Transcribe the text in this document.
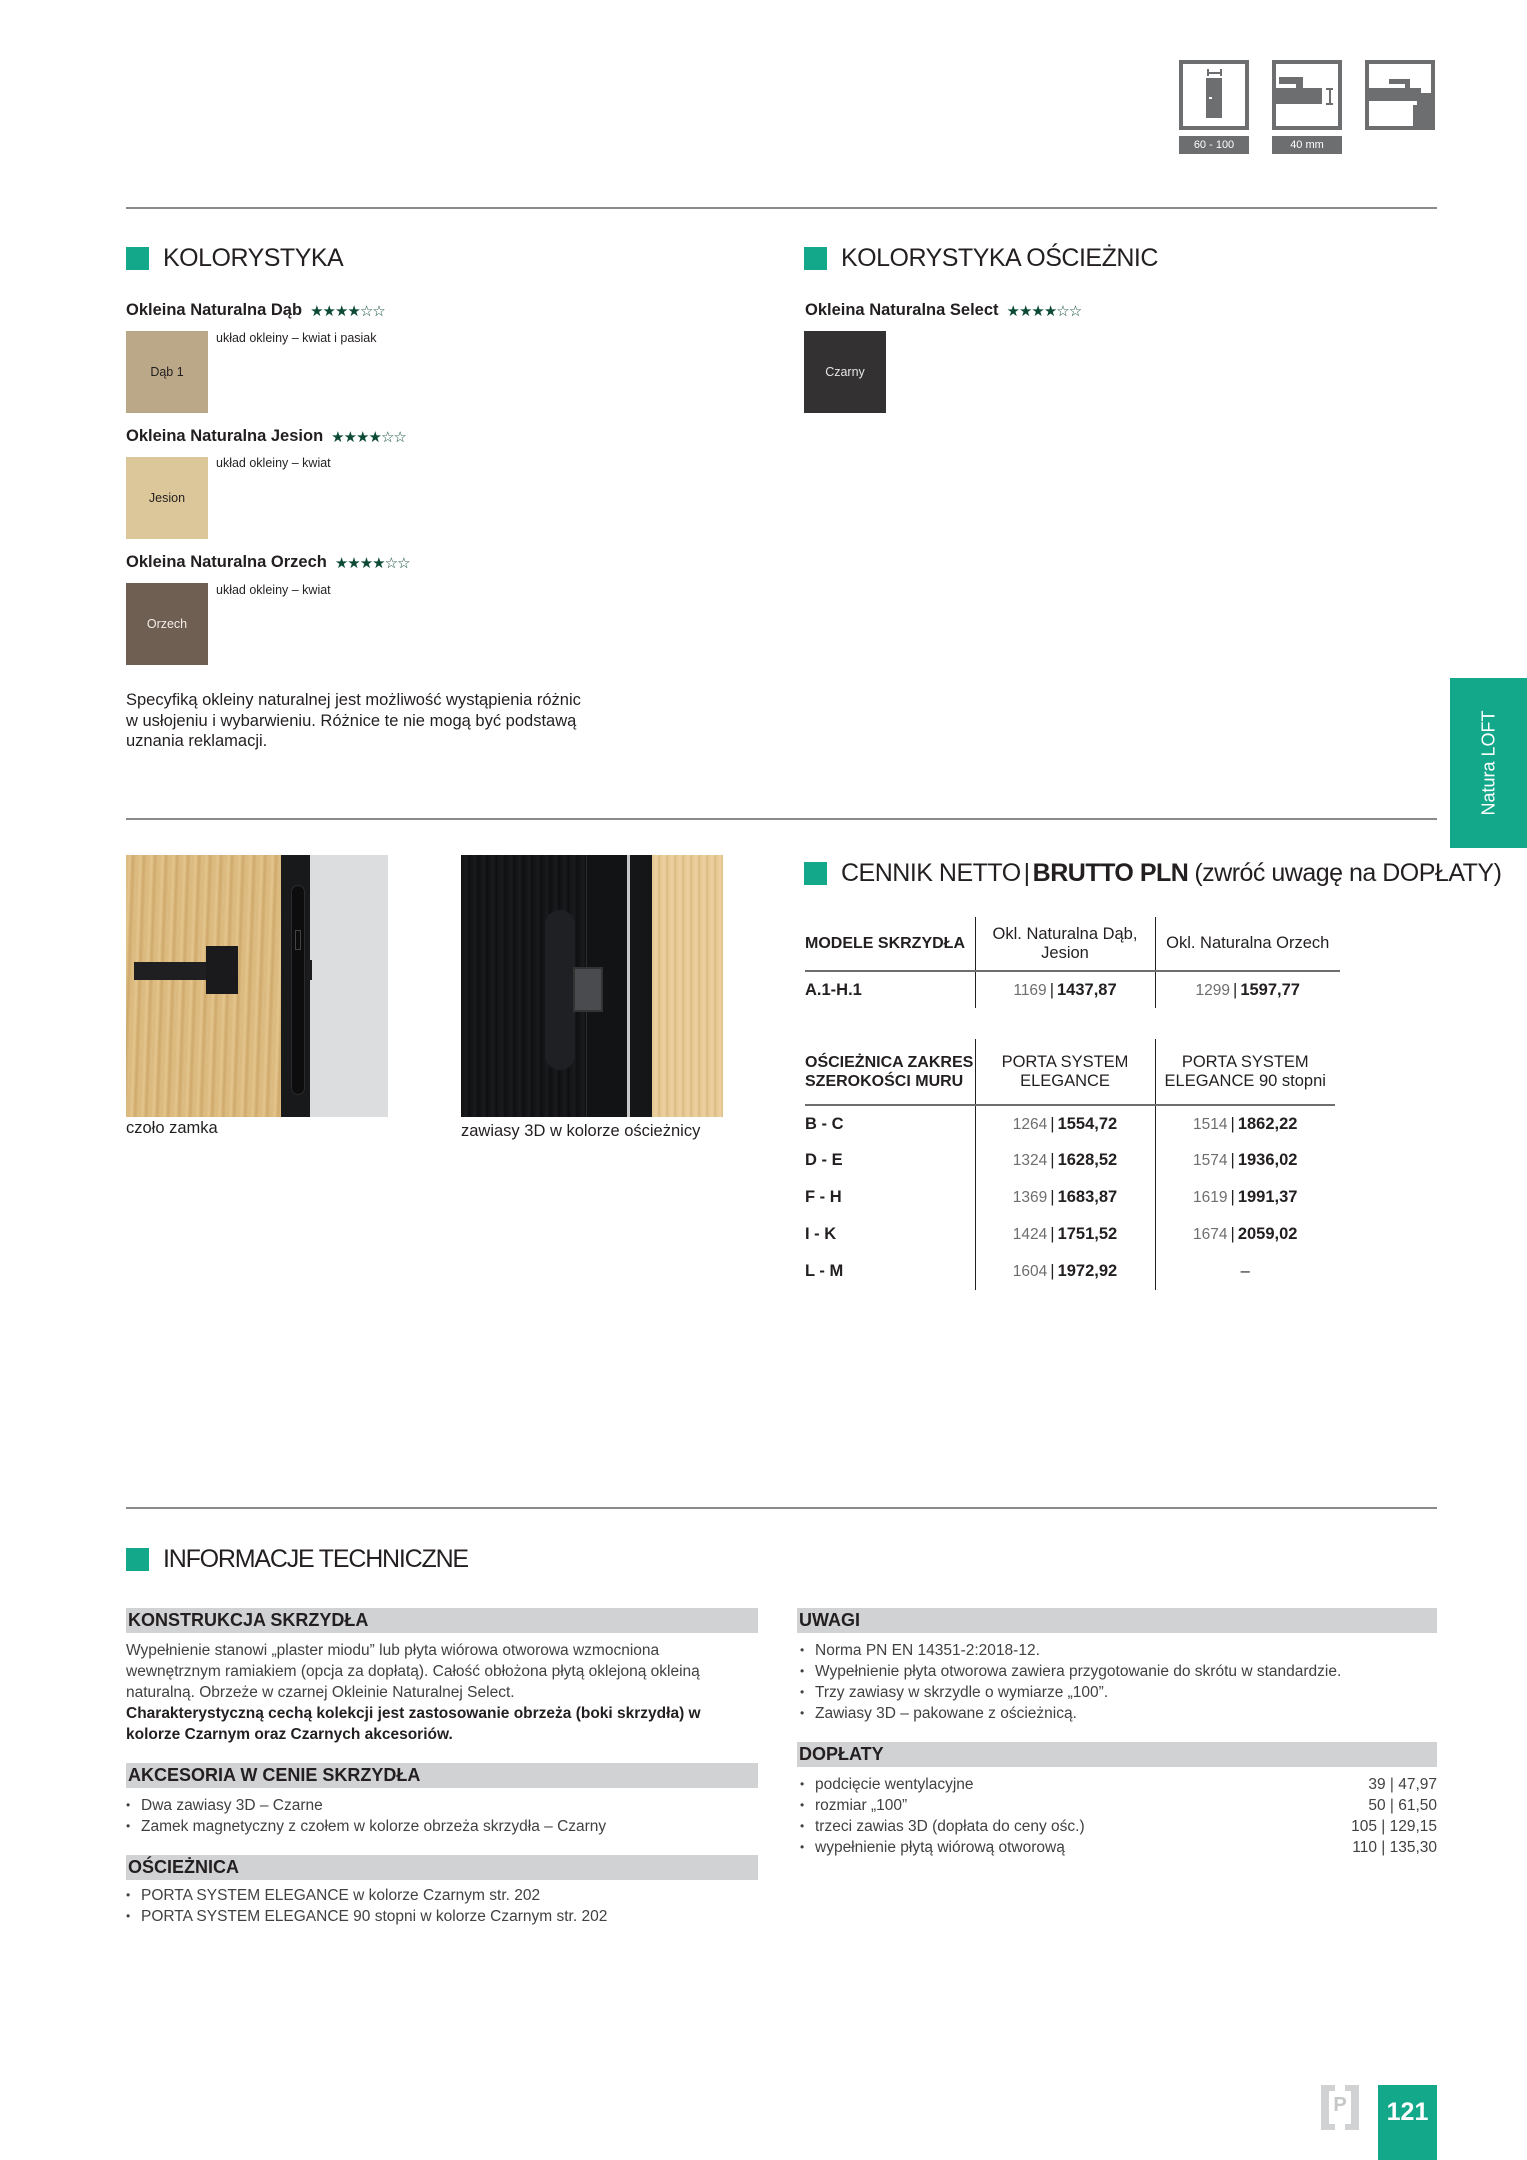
60 - 100	40 mm
KOLORYSTYKA
Okleina Naturalna Dąb ★★★★☆☆
Dąb 1
układ okleiny – kwiat i pasiak
Okleina Naturalna Jesion ★★★★☆☆
Jesion
układ okleiny – kwiat
Okleina Naturalna Orzech ★★★★☆☆
Orzech
układ okleiny – kwiat
Specyfiką okleiny naturalnej jest możliwość wystąpienia różnic w usłojeniu i wybarwieniu. Różnice te nie mogą być podstawą uznania reklamacji.
KOLORYSTYKA OŚCIEŻNIC
Okleina Naturalna Select ★★★★☆☆
Czarny
Natura LOFT
czoło zamka	zawiasy 3D w kolorze ościeżnicy
CENNIK NETTO | BRUTTO PLN (zwróć uwagę na DOPŁATY)
MODELE SKRZYDŁA	Okl. Naturalna Dąb, Jesion	Okl. Naturalna Orzech
A.1-H.1	1169 | 1437,87	1299 | 1597,77
OŚCIEŻNICA ZAKRES SZEROKOŚCI MURU	PORTA SYSTEM ELEGANCE	PORTA SYSTEM ELEGANCE 90 stopni
B - C	1264 | 1554,72	1514 | 1862,22
D - E	1324 | 1628,52	1574 | 1936,02
F - H	1369 | 1683,87	1619 | 1991,37
I - K	1424 | 1751,52	1674 | 2059,02
L - M	1604 | 1972,92	–
INFORMACJE TECHNICZNE
KONSTRUKCJA SKRZYDŁA
Wypełnienie stanowi „plaster miodu” lub płyta wiórowa otworowa wzmocniona wewnętrznym ramiakiem (opcja za dopłatą). Całość obłożona płytą oklejoną okleiną naturalną. Obrzeże w czarnej Okleinie Naturalnej Select.
Charakterystyczną cechą kolekcji jest zastosowanie obrzeża (boki skrzydła) w kolorze Czarnym oraz Czarnych akcesoriów.
AKCESORIA W CENIE SKRZYDŁA
• Dwa zawiasy 3D – Czarne
• Zamek magnetyczny z czołem w kolorze obrzeża skrzydła – Czarny
OŚCIEŻNICA
• PORTA SYSTEM ELEGANCE w kolorze Czarnym str. 202
• PORTA SYSTEM ELEGANCE 90 stopni w kolorze Czarnym str. 202
UWAGI
• Norma PN EN 14351-2:2018-12.
• Wypełnienie płyta otworowa zawiera przygotowanie do skrótu w standardzie.
• Trzy zawiasy w skrzydle o wymiarze „100”.
• Zawiasy 3D – pakowane z ościeżnicą.
DOPŁATY
• podcięcie wentylacyjne	39 | 47,97
• rozmiar „100”	50 | 61,50
• trzeci zawias 3D (dopłata do ceny ośc.)	105 | 129,15
• wypełnienie płytą wiórową otworową	110 | 135,30
P	121
